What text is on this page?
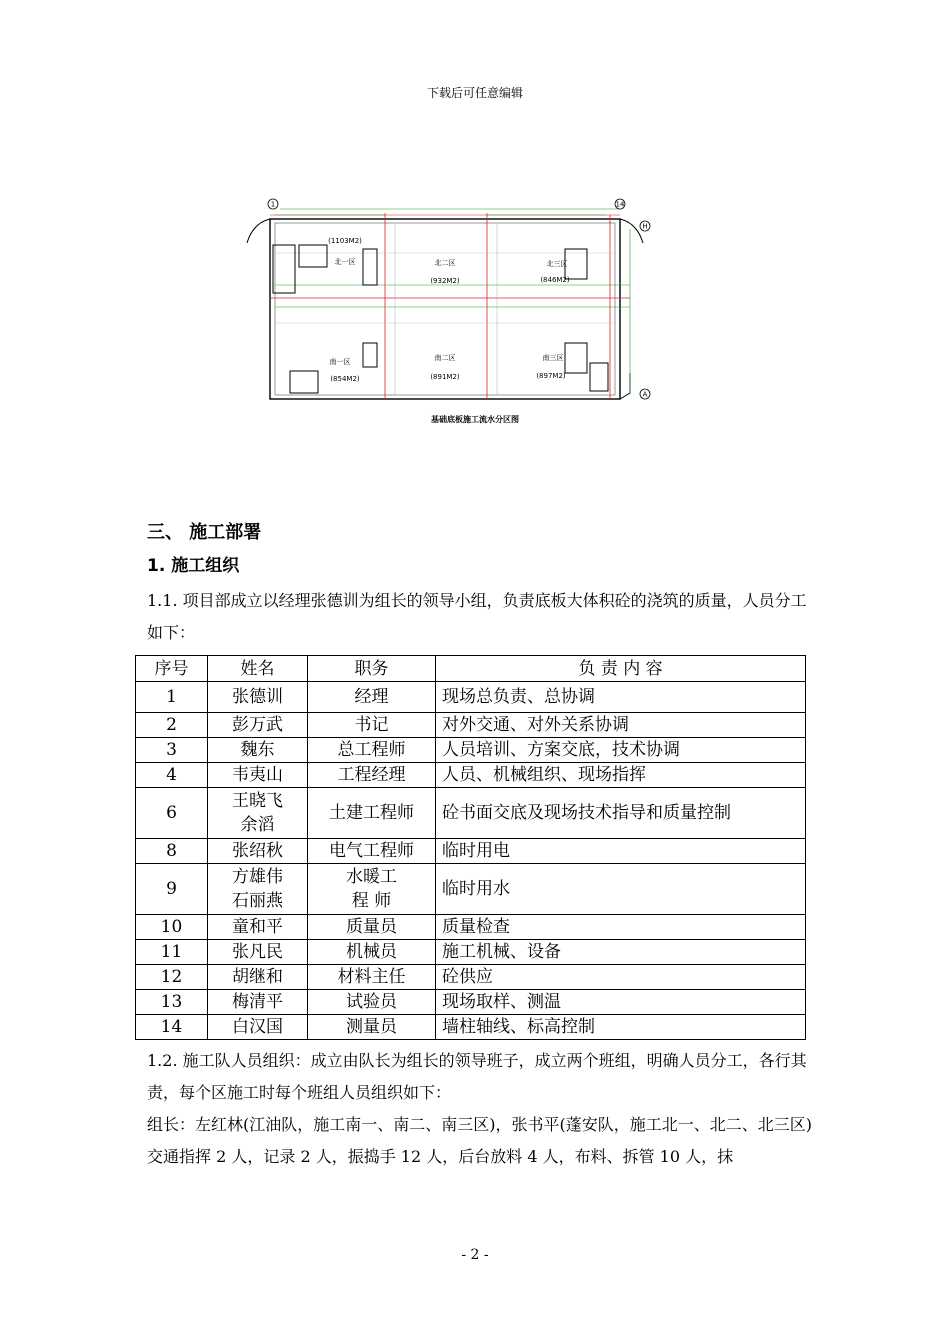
下载后可任意编辑
1	14
H
A
(1103M2)
北一区	北二区
(932M2)
北三区
(846M2)
南一区
(854M2)
南二区
(891M2)
南三区
(897M2)
基础底板施工流水分区图
三、 施工部署
1. 施工组织
1.1. 项目部成立以经理张德训为组长的领导小组，负责底板大体积砼的浇筑的质量，人员分工如下：
序号	姓名	职务	负 责 内 容
1	张德训	经理	现场总负责、总协调
2	彭万武	书记	对外交通、对外关系协调
3	魏东	总工程师	人员培训、方案交底，技术协调
4	韦夷山	工程经理	人员、机械组织、现场指挥
6	王晓飞
余滔	土建工程师	砼书面交底及现场技术指导和质量控制
8	张绍秋	电气工程师	临时用电
9	方雄伟
石丽燕	水暖工
程 师	临时用水
10	童和平	质量员	质量检查
11	张凡民	机械员	施工机械、设备
12	胡继和	材料主任	砼供应
13	梅清平	试验员	现场取样、测温
14	白汉国	测量员	墙柱轴线、标高控制
1.2. 施工队人员组织：成立由队长为组长的领导班子，成立两个班组，明确人员分工，各行其责，每个区施工时每个班组人员组织如下：
组长：左红林(江油队，施工南一、南二、南三区)，张书平(蓬安队，施工北一、北二、北三区)
交通指挥 2 人，记录 2 人，振捣手 12 人，后台放料 4 人，布料、拆管 10 人，抹
- 2 -
